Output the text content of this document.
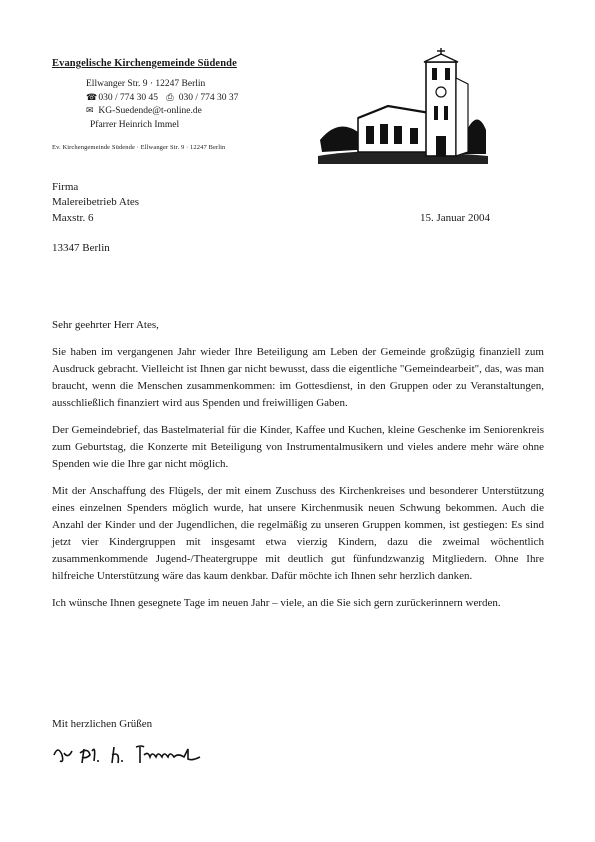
Evangelische Kirchengemeinde Südende
Ellwanger Str. 9 · 12247 Berlin
☎ 030 / 774 30 45 ⎙ 030 / 774 30 37
✉ KG-Suedende@t-online.de
Pfarrer Heinrich Immel
Ev. Kirchengemeinde Südende · Ellwanger Str. 9 · 12247 Berlin
Firma
Malereibetrieb Ates
Maxstr. 6	15. Januar 2004
13347 Berlin
Sehr geehrter Herr Ates,

Sie haben im vergangenen Jahr wieder Ihre Beteiligung am Leben der Gemeinde großzügig finanziell zum Ausdruck gebracht. Vielleicht ist Ihnen gar nicht bewusst, dass die eigentliche "Gemeindearbeit", das, was man braucht, wenn die Menschen zusammenkommen: im Gottesdienst, in den Gruppen oder zu Veranstaltungen, ausschließlich finanziert wird aus Spenden und freiwilligen Gaben.

Der Gemeindebrief, das Bastelmaterial für die Kinder, Kaffee und Kuchen, kleine Geschenke im Seniorenkreis zum Geburtstag, die Konzerte mit Beteiligung von Instrumentalmusikern und vieles andere mehr wäre ohne Spenden wie die Ihre gar nicht möglich.

Mit der Anschaffung des Flügels, der mit einem Zuschuss des Kirchenkreises und besonderer Unterstützung eines einzelnen Spenders möglich wurde, hat unsere Kirchenmusik neuen Schwung bekommen. Auch die Anzahl der Kinder und der Jugendlichen, die regelmäßig zu unseren Gruppen kommen, ist gestiegen: Es sind jetzt vier Kindergruppen mit insgesamt etwa vierzig Kindern, dazu die zweimal wöchentlich zusammenkommende Jugend-/Theatergruppe mit deutlich gut fünfundzwanzig Mitgliedern. Ohne Ihre hilfreiche Unterstützung wäre das kaum denkbar. Dafür möchte ich Ihnen sehr herzlich danken.

Ich wünsche Ihnen gesegnete Tage im neuen Jahr – viele, an die Sie sich gern zurückerinnern werden.

Mit herzlichen Grüßen
